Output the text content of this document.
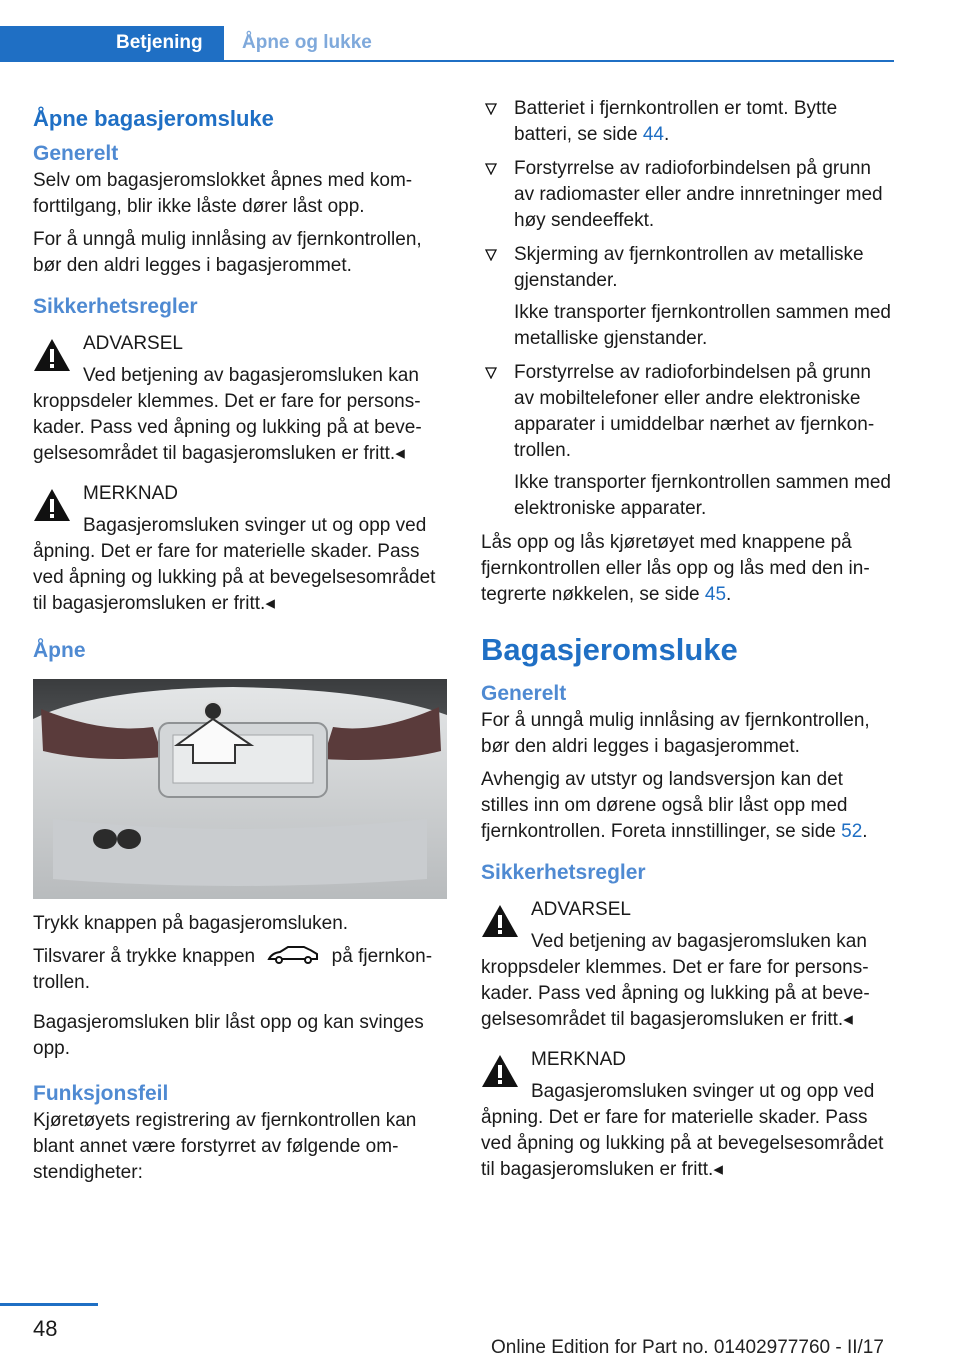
Betjening	Åpne og lukke
Åpne bagasjeromsluke
Generelt

Selv om bagasjeromslokket åpnes med komforttilgang, blir ikke låste dører låst opp.

For å unngå mulig innlåsing av fjernkontrollen, bør den aldri legges i bagasjerommet.

Sikkerhetsregler
ADVARSEL
Ved betjening av bagasjeromsluken kan
kroppsdeler klemmes. Det er fare for personskader. Pass ved åpning og lukking på at bevegelsesområdet til bagasjeromsluken er fritt.◂
MERKNAD
Bagasjeromsluken svinger ut og opp ved
åpning. Det er fare for materielle skader. Pass ved åpning og lukking på at bevegelsesområdet til bagasjeromsluken er fritt.◂
Åpne

Trykk knappen på bagasjeromsluken.

Tilsvarer å trykke knappen	på fjernkontrollen.

Bagasjeromsluken blir låst opp og kan svinges opp.

Funksjonsfeil

Kjøretøyets registrering av fjernkontrollen kan blant annet være forstyrret av følgende omstendigheter:

Batteriet i fjernkontrollen er tomt. Bytte batteri, se side 44.
Forstyrrelse av radioforbindelsen på grunn av radiomaster eller andre innretninger med høy sendeeffekt.
Skjerming av fjernkontrollen av metalliske gjenstander.
Ikke transporter fjernkontrollen sammen med metalliske gjenstander.
Forstyrrelse av radioforbindelsen på grunn av mobiltelefoner eller andre elektroniske apparater i umiddelbar nærhet av fjernkontrollen.
Ikke transporter fjernkontrollen sammen med elektroniske apparater.

Lås opp og lås kjøretøyet med knappene på fjernkontrollen eller lås opp og lås med den integrerte nøkkelen, se side 45.

Bagasjeromsluke
Generelt

For å unngå mulig innlåsing av fjernkontrollen, bør den aldri legges i bagasjerommet.

Avhengig av utstyr og landsversjon kan det stilles inn om dørene også blir låst opp med fjernkontrollen. Foreta innstillinger, se side 52.

Sikkerhetsregler
ADVARSEL
Ved betjening av bagasjeromsluken kan
kroppsdeler klemmes. Det er fare for personskader. Pass ved åpning og lukking på at bevegelsesområdet til bagasjeromsluken er fritt.◂
MERKNAD
Bagasjeromsluken svinger ut og opp ved
åpning. Det er fare for materielle skader. Pass ved åpning og lukking på at bevegelsesområdet til bagasjeromsluken er fritt.◂
48
Online Edition for Part no. 01402977760 - II/17
